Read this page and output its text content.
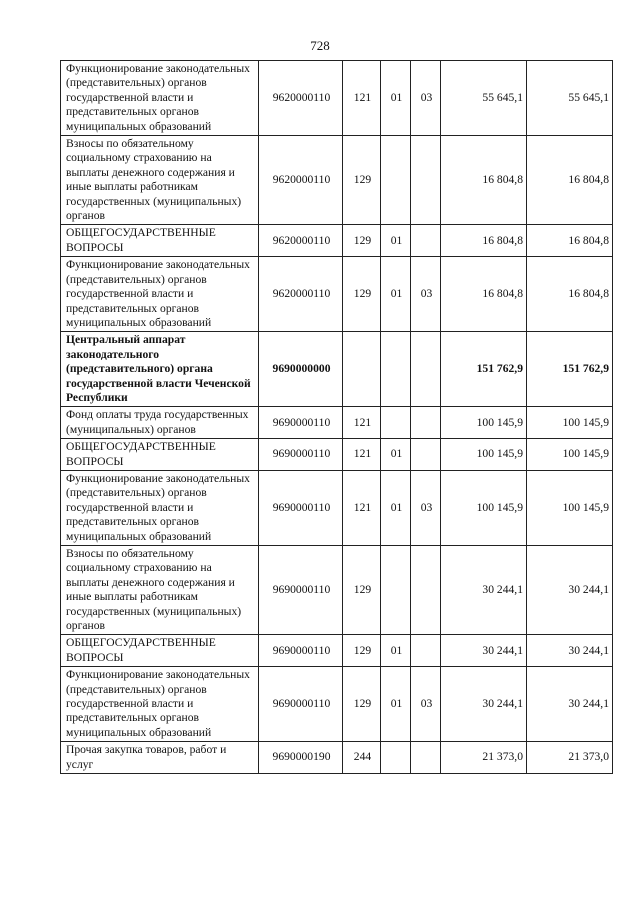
728
Функционирование законодательных (представительных) органов государственной власти и представительных органов муниципальных образований	9620000110	121	01	03	55 645,1	55 645,1
Взносы по обязательному социальному страхованию на выплаты денежного содержания и иные выплаты работникам государственных (муниципальных) органов	9620000110	129			16 804,8	16 804,8
ОБЩЕГОСУДАРСТВЕННЫЕ ВОПРОСЫ	9620000110	129	01		16 804,8	16 804,8
Функционирование законодательных (представительных) органов государственной власти и представительных органов муниципальных образований	9620000110	129	01	03	16 804,8	16 804,8
Центральный аппарат законодательного (представительного) органа государственной власти Чеченской Республики	9690000000				151 762,9	151 762,9
Фонд оплаты труда государственных (муниципальных) органов	9690000110	121			100 145,9	100 145,9
ОБЩЕГОСУДАРСТВЕННЫЕ ВОПРОСЫ	9690000110	121	01		100 145,9	100 145,9
Функционирование законодательных (представительных) органов государственной власти и представительных органов муниципальных образований	9690000110	121	01	03	100 145,9	100 145,9
Взносы по обязательному социальному страхованию на выплаты денежного содержания и иные выплаты работникам государственных (муниципальных) органов	9690000110	129			30 244,1	30 244,1
ОБЩЕГОСУДАРСТВЕННЫЕ ВОПРОСЫ	9690000110	129	01		30 244,1	30 244,1
Функционирование законодательных (представительных) органов государственной власти и представительных органов муниципальных образований	9690000110	129	01	03	30 244,1	30 244,1
Прочая закупка товаров, работ и услуг	9690000190	244			21 373,0	21 373,0
